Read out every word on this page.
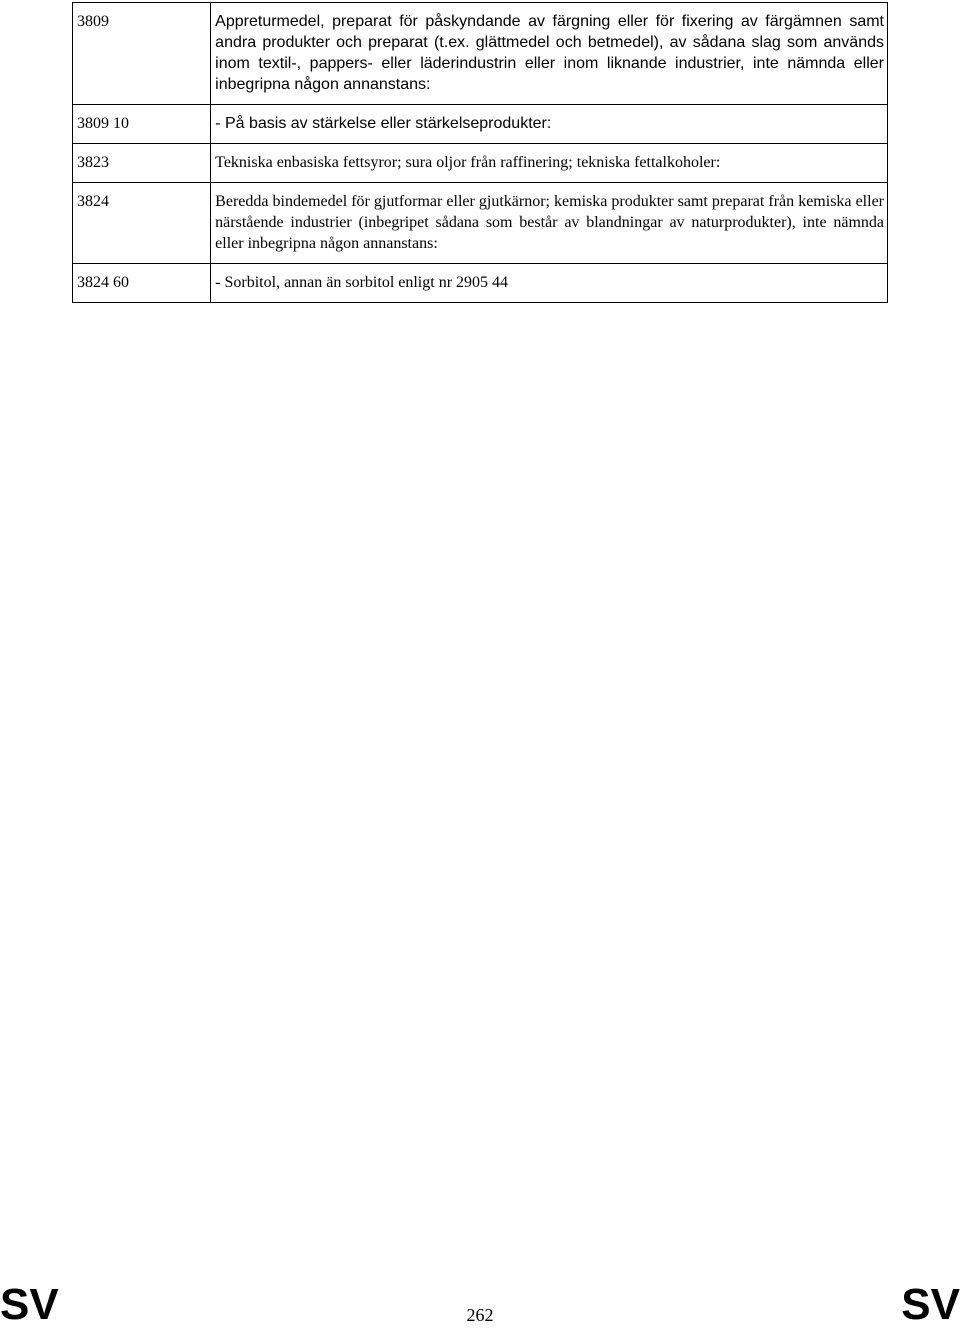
3809	Appreturmedel, preparat för påskyndande av färgning eller för fixering av färgämnen samt andra produkter och preparat (t.ex. glättmedel och betmedel), av sådana slag som används inom textil-, pappers- eller läderindustrin eller inom liknande industrier, inte nämnda eller inbegripna någon annanstans:
3809 10	- På basis av stärkelse eller stärkelseprodukter:
3823	Tekniska enbasiska fettsyror; sura oljor från raffinering; tekniska fettalkoholer:
3824	Beredda bindemedel för gjutformar eller gjutkärnor; kemiska produkter samt preparat från kemiska eller närstående industrier (inbegripet sådana som består av blandningar av naturprodukter), inte nämnda eller inbegripna någon annanstans:
3824 60	- Sorbitol, annan än sorbitol enligt nr 2905 44
SV	262	SV
